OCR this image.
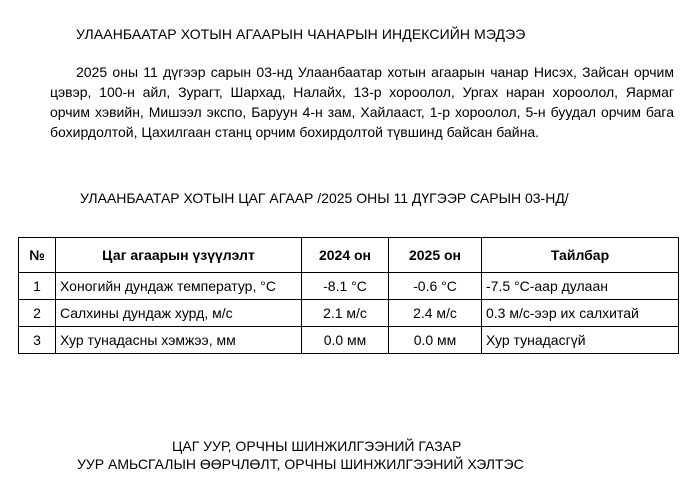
УЛААНБААТАР ХОТЫН АГААРЫН ЧАНАРЫН ИНДЕКСИЙН МЭДЭЭ

2025 оны 11 дүгээр сарын 03-нд Улаанбаатар хотын агаарын чанар Нисэх, Зайсан орчим цэвэр, 100-н айл, Зурагт, Шархад, Налайх, 13-р хороолол, Ургах наран хороолол, Яармаг орчим хэвийн, Мишээл экспо, Баруун 4-н зам, Хайлааст, 1-р хороолол, 5-н буудал орчим бага бохирдолтой, Цахилгаан станц орчим бохирдолтой түвшинд байсан байна.

УЛААНБААТАР ХОТЫН ЦАГ АГААР /2025 ОНЫ 11 ДҮГЭЭР САРЫН 03-НД/
№	Цаг агаарын үзүүлэлт	2024 он	2025 он	Тайлбар
1	Хоногийн дундаж температур, °С	-8.1 °С	-0.6 °С	-7.5 °С-аар дулаан
2	Салхины дундаж хурд, м/с	2.1 м/с	2.4 м/с	0.3 м/с-ээр их салхитай
3	Хур тунадасны хэмжээ, мм	0.0 мм	0.0 мм	Хур тунадасгүй
ЦАГ УУР, ОРЧНЫ ШИНЖИЛГЭЭНИЙ ГАЗАР
УУР АМЬСГАЛЫН ӨӨРЧЛӨЛТ, ОРЧНЫ ШИНЖИЛГЭЭНИЙ ХЭЛТЭС
